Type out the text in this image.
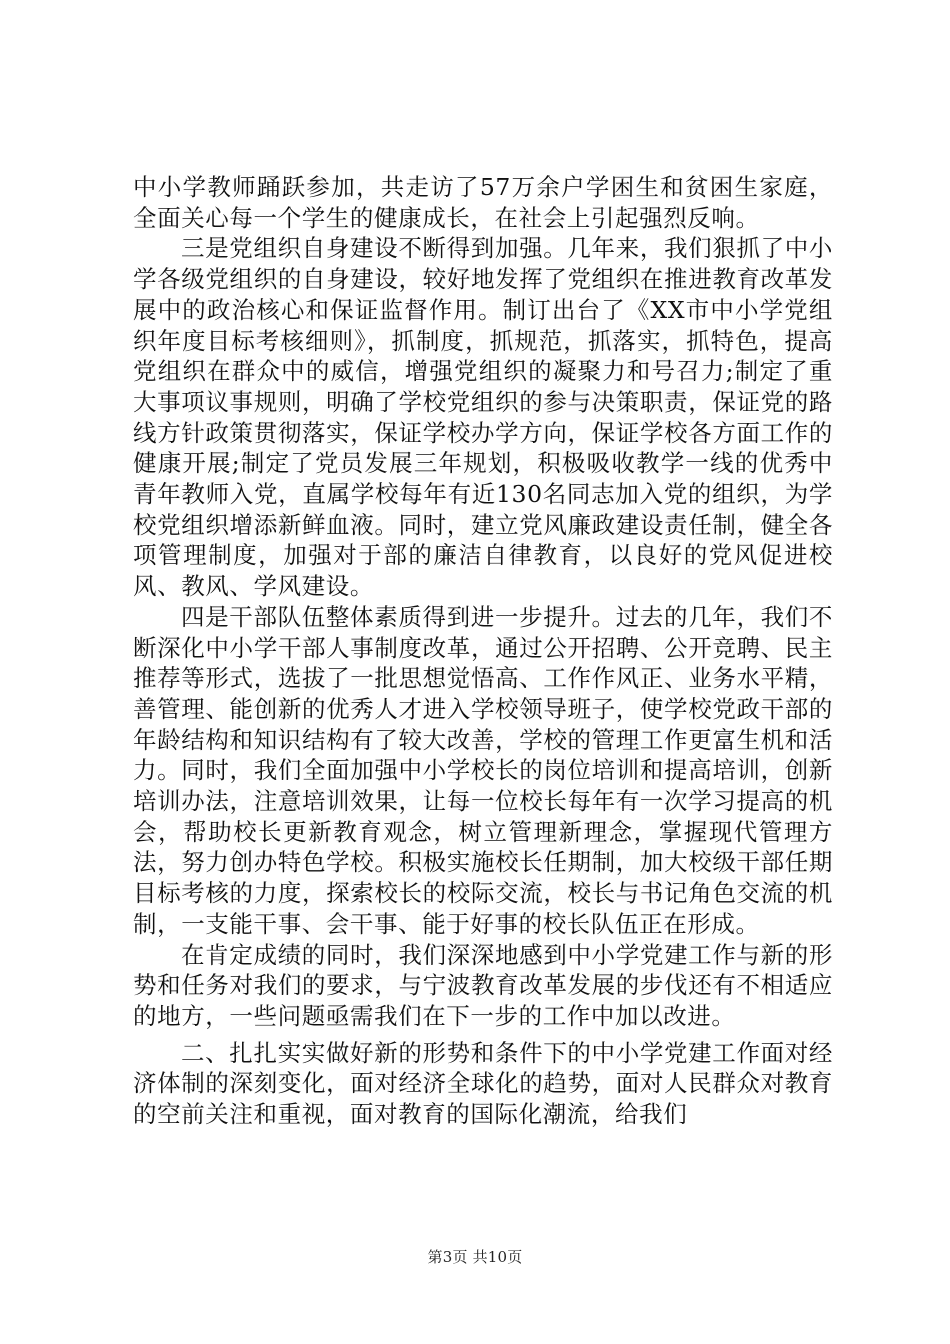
中小学教师踊跃参加，共走访了57万余户学困生和贫困生家庭，全面关心每一个学生的健康成长，在社会上引起强烈反响。

三是党组织自身建设不断得到加强。几年来，我们狠抓了中小学各级党组织的自身建设，较好地发挥了党组织在推进教育改革发展中的政治核心和保证监督作用。制订出台了《XX市中小学党组织年度目标考核细则》，抓制度，抓规范，抓落实，抓特色，提高党组织在群众中的威信，增强党组织的凝聚力和号召力;制定了重大事项议事规则，明确了学校党组织的参与决策职责，保证党的路线方针政策贯彻落实，保证学校办学方向，保证学校各方面工作的健康开展;制定了党员发展三年规划，积极吸收教学一线的优秀中青年教师入党，直属学校每年有近130名同志加入党的组织，为学校党组织增添新鲜血液。同时，建立党风廉政建设责任制，健全各项管理制度，加强对于部的廉洁自律教育，以良好的党风促进校风、教风、学风建设。

四是干部队伍整体素质得到进一步提升。过去的几年，我们不断深化中小学干部人事制度改革，通过公开招聘、公开竞聘、民主推荐等形式，选拔了一批思想觉悟高、工作作风正、业务水平精，善管理、能创新的优秀人才进入学校领导班子，使学校党政干部的年龄结构和知识结构有了较大改善，学校的管理工作更富生机和活力。同时，我们全面加强中小学校长的岗位培训和提高培训，创新培训办法，注意培训效果，让每一位校长每年有一次学习提高的机会，帮助校长更新教育观念，树立管理新理念，掌握现代管理方法，努力创办特色学校。积极实施校长任期制，加大校级干部任期目标考核的力度，探索校长的校际交流，校长与书记角色交流的机制，一支能干事、会干事、能于好事的校长队伍正在形成。

在肯定成绩的同时，我们深深地感到中小学党建工作与新的形势和任务对我们的要求，与宁波教育改革发展的步伐还有不相适应的地方，一些问题亟需我们在下一步的工作中加以改进。

二、扎扎实实做好新的形势和条件下的中小学党建工作面对经济体制的深刻变化，面对经济全球化的趋势，面对人民群众对教育的空前关注和重视，面对教育的国际化潮流，给我们

第3页 共10页
